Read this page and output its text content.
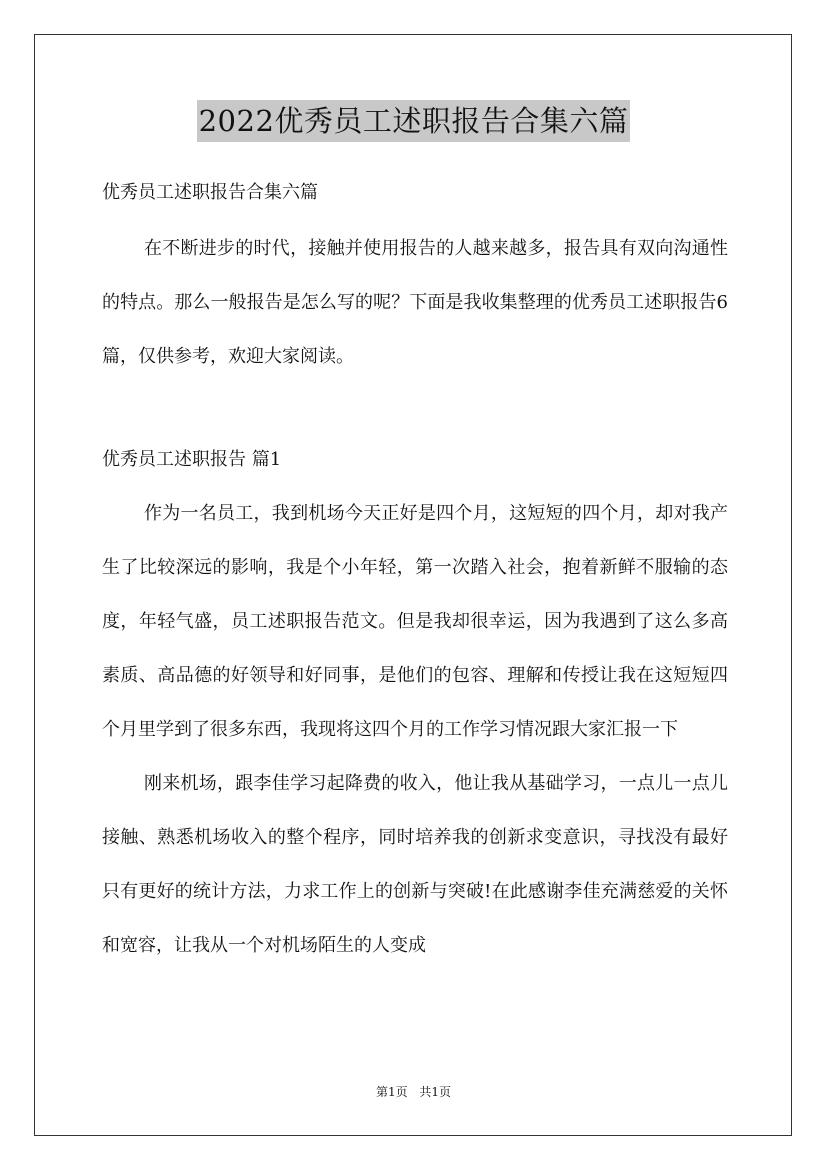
2022优秀员工述职报告合集六篇

优秀员工述职报告合集六篇

在不断进步的时代，接触并使用报告的人越来越多，报告具有双向沟通性的特点。那么一般报告是怎么写的呢？下面是我收集整理的优秀员工述职报告6篇，仅供参考，欢迎大家阅读。

优秀员工述职报告 篇1

作为一名员工，我到机场今天正好是四个月，这短短的四个月，却对我产生了比较深远的影响，我是个小年轻，第一次踏入社会，抱着新鲜不服输的态度，年轻气盛，员工述职报告范文。但是我却很幸运，因为我遇到了这么多高素质、高品德的好领导和好同事，是他们的包容、理解和传授让我在这短短四个月里学到了很多东西，我现将这四个月的工作学习情况跟大家汇报一下

刚来机场，跟李佳学习起降费的收入，他让我从基础学习，一点儿一点儿接触、熟悉机场收入的整个程序，同时培养我的创新求变意识，寻找没有最好只有更好的统计方法，力求工作上的创新与突破!在此感谢李佳充满慈爱的关怀和宽容，让我从一个对机场陌生的人变成

第1页 共1页
